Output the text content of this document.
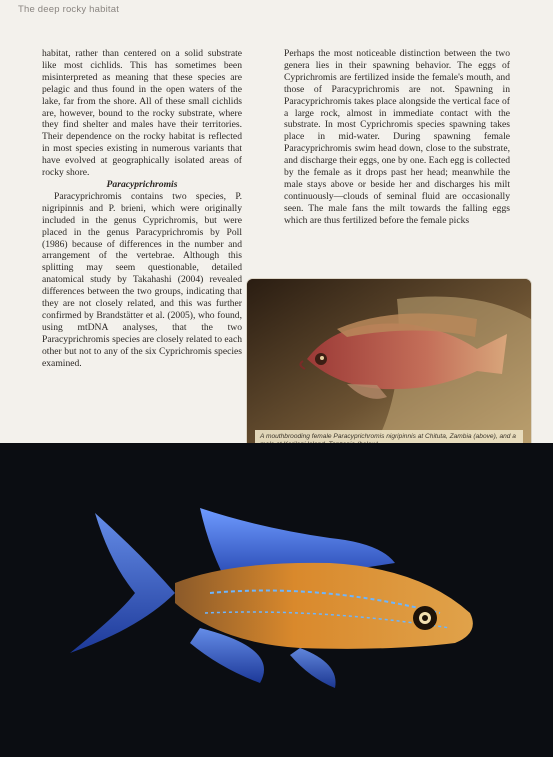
The deep rocky habitat

habitat, rather than centered on a solid substrate like most cichlids. This has sometimes been misinterpreted as meaning that these species are pelagic and thus found in the open waters of the lake, far from the shore. All of these small cichlids are, however, bound to the rocky substrate, where they find shelter and males have their territories. Their dependence on the rocky habitat is reflected in most species existing in numerous variants that have evolved at geographically isolated areas of rocky shore.

Paracyprichromis

Paracyprichromis contains two species, P. nigripinnis and P. brieni, which were originally included in the genus Cyprichromis, but were placed in the genus Paracyprichromis by Poll (1986) because of differences in the number and arrangement of the vertebrae. Although this splitting may seem questionable, detailed anatomical study by Takahashi (2004) revealed differences between the two groups, indicating that they are not closely related, and this was further confirmed by Brandstätter et al. (2005), who found, using mtDNA analyses, that the two Paracyprichromis species are closely related to each other but not to any of the six Cyprichromis species examined.

Perhaps the most noticeable distinction between the two genera lies in their spawning behavior. The eggs of Cyprichromis are fertilized inside the female's mouth, and those of Paracyprichromis are not. Spawning in Paracyprichromis takes place alongside the vertical face of a large rock, almost in immediate contact with the substrate. In most Cyprichromis species spawning takes place in mid-water. During spawning female Paracyprichromis swim head down, close to the substrate, and discharge their eggs, one by one. Each egg is collected by the female as it drops past her head; meanwhile the male stays above or beside her and discharges his milt continuously—clouds of seminal fluid are occasionally seen. The male fans the milt towards the falling eggs which are thus fertilized before the female picks

A mouthbrooding female Paracyprichromis nigripinnis at Chituta, Zambia (above), and a
